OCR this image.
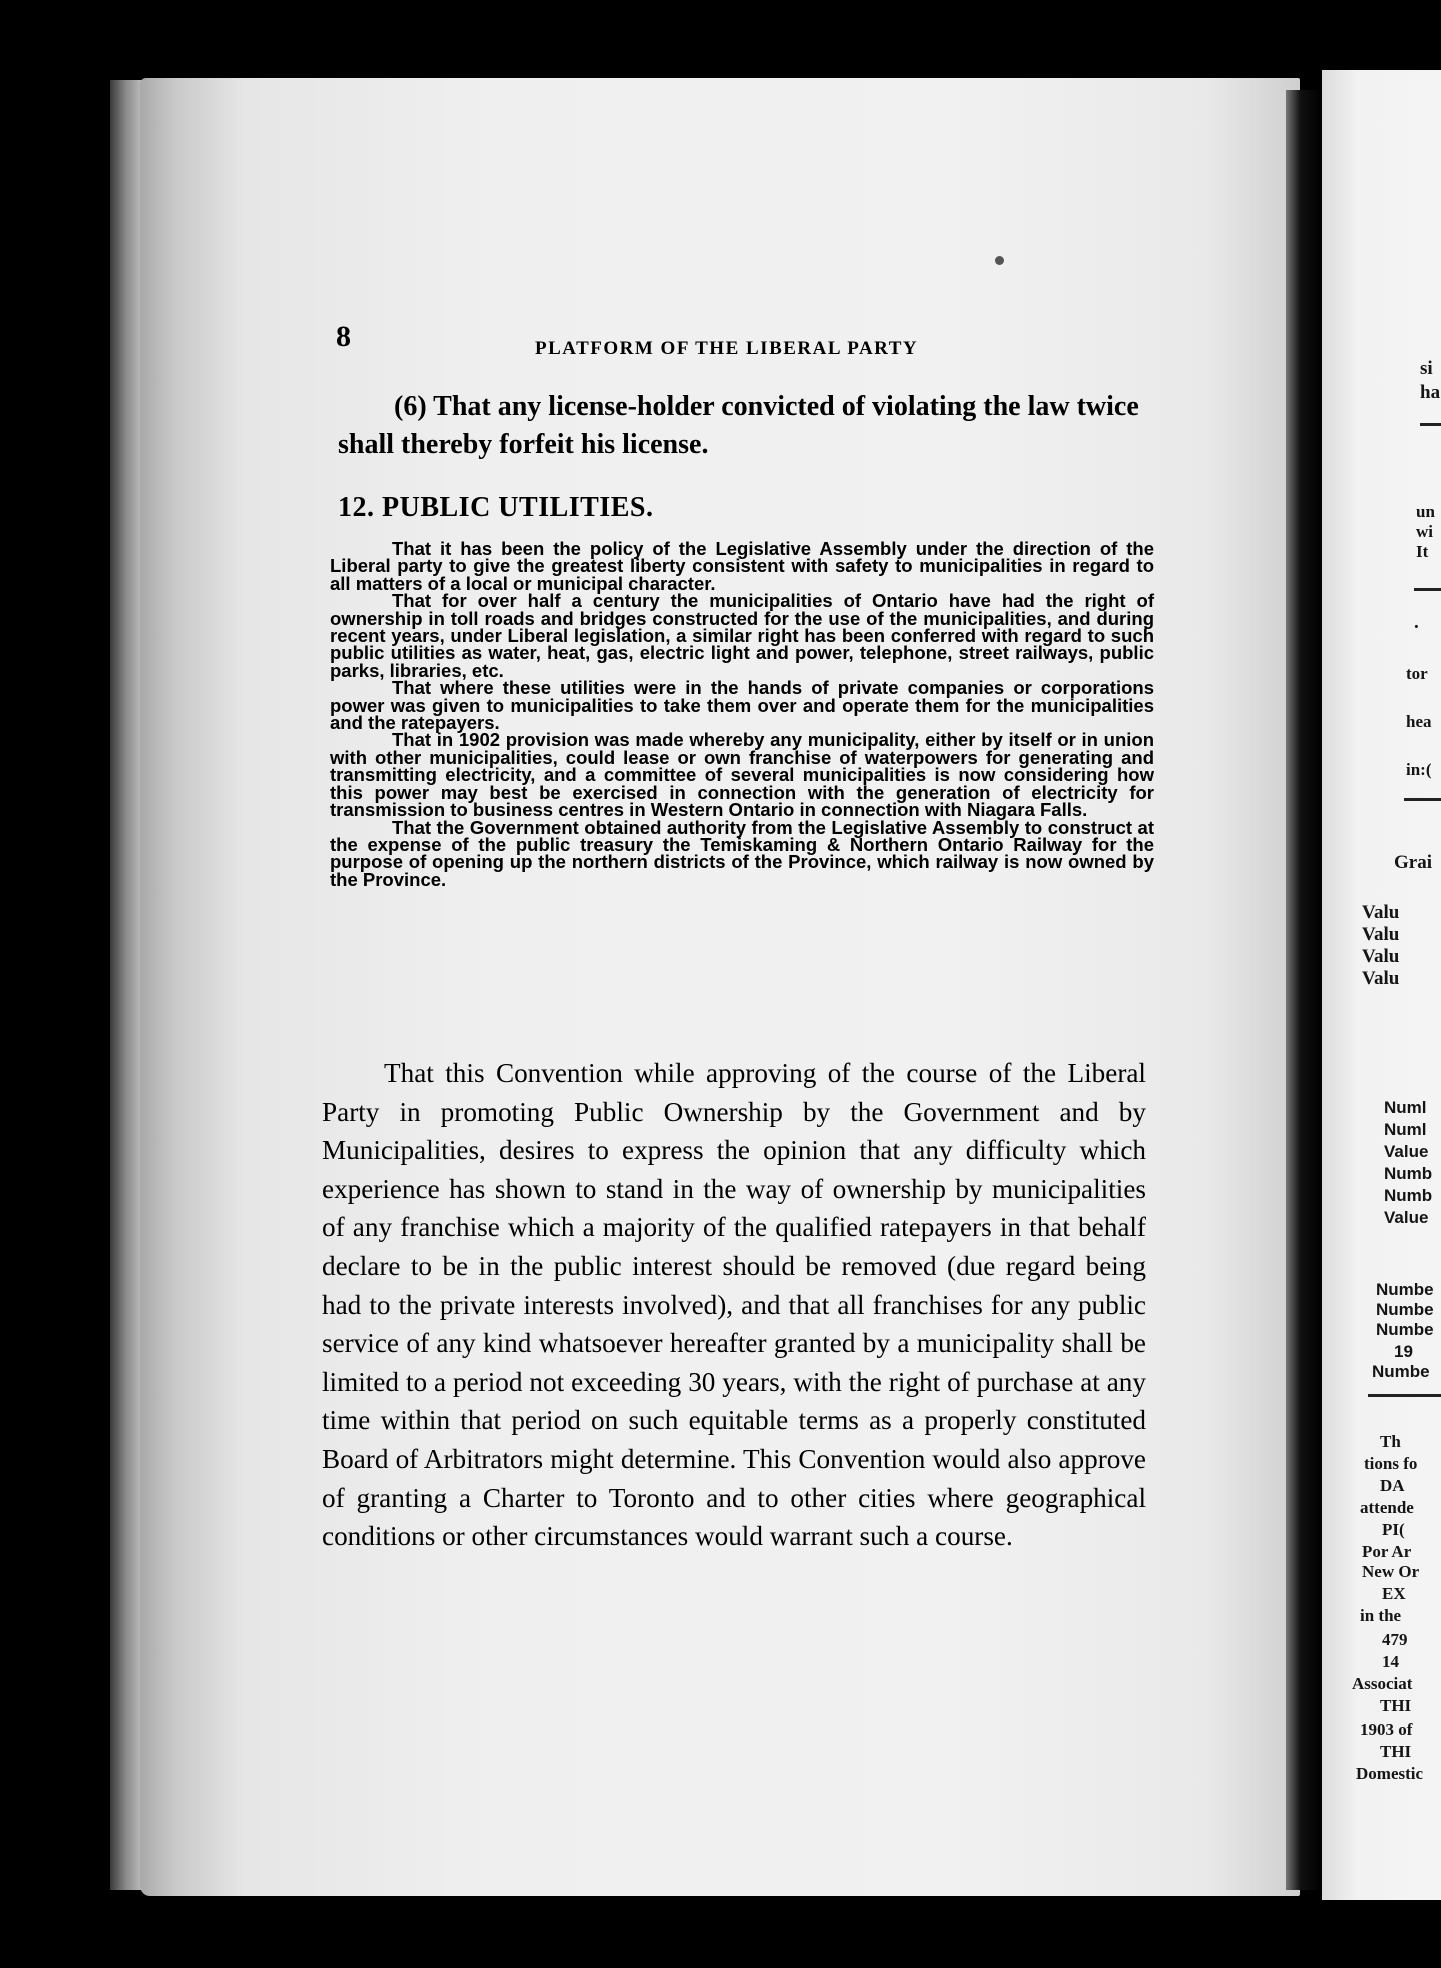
8	PLATFORM OF THE LIBERAL PARTY
(6) That any license-holder convicted of violating the law twice shall thereby forfeit his license.
12. PUBLIC UTILITIES.

That it has been the policy of the Legislative Assembly under the direction of the Liberal party to give the greatest liberty consistent with safety to municipalities in regard to all matters of a local or municipal character.

That for over half a century the municipalities of Ontario have had the right of ownership in toll roads and bridges constructed for the use of the municipalities, and during recent years, under Liberal legislation, a similar right has been conferred with regard to such public utilities as water, heat, gas, electric light and power, telephone, street railways, public parks, libraries, etc.

That where these utilities were in the hands of private companies or corporations power was given to municipalities to take them over and operate them for the municipalities and the ratepayers.

That in 1902 provision was made whereby any municipality, either by itself or in union with other municipalities, could lease or own franchise of waterpowers for generating and transmitting electricity, and a committee of several municipalities is now considering how this power may best be exercised in connection with the generation of electricity for transmission to business centres in Western Ontario in connection with Niagara Falls.

That the Government obtained authority from the Legislative Assembly to construct at the expense of the public treasury the Temiskaming & Northern Ontario Railway for the purpose of opening up the northern districts of the Province, which railway is now owned by the Province.

That this Convention while approving of the course of the Liberal Party in promoting Public Ownership by the Government and by Municipalities, desires to express the opinion that any difficulty which experience has shown to stand in the way of ownership by municipalities of any franchise which a majority of the qualified ratepayers in that behalf declare to be in the public interest should be removed (due regard being had to the private interests involved), and that all franchises for any public service of any kind whatsoever hereafter granted by a municipality shall be limited to a period not exceeding 30 years, with the right of purchase at any time within that period on such equitable terms as a properly constituted Board of Arbitrators might determine. This Convention would also approve of granting a Charter to Toronto and to other cities where geographical conditions or other circumstances would warrant such a course.

si
ha
un
wi
It
.
tor
hea
in:(
Grai
Valu
Valu
Valu
Valu
Numl
Numl
Value
Numb
Numb
Value
Numbe
Numbe
Numbe
19
Numbe
Th
tions fo
DA
attende
PI(
Por Ar
New Or
EX
in the
479
14
Associat
THI
1903 of
THI
Domestic
